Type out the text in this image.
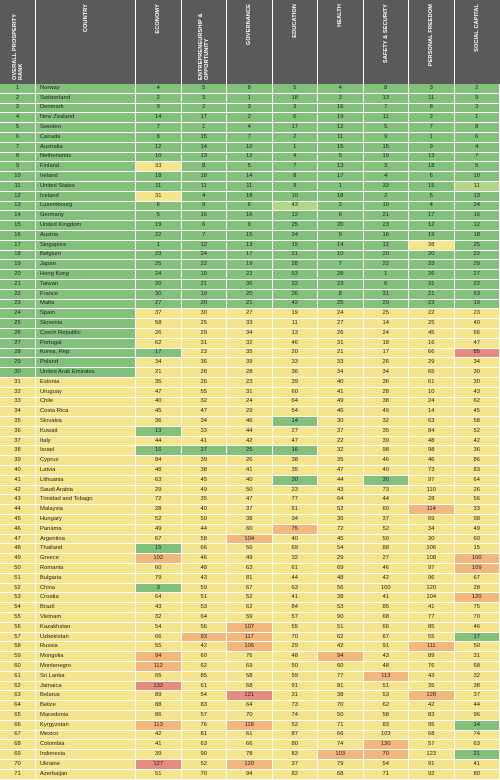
OVERALL PROSPERITY RANK	COUNTRY	ECONOMY	ENTREPRENEURSHIP & OPPORTUNITY	GOVERNANCE	EDUCATION	HEALTH	SAFETY & SECURITY	PERSONAL FREEDOM	SOCIAL CAPITAL

1	Norway	4	5	8	5	4	8	3	2
2	Switzerland	2	3	1	18	3	13	11	9
3	Denmark	9	2	3	3	16	7	8	3
4	New Zealand	14	17	2	6	19	11	2	1
5	Sweden	7	1	4	17	12	5	7	8
6	Canada	8	15	7	2	11	9	1	6
7	Australia	12	14	10	1	15	15	9	4
8	Netherlands	10	13	12	4	5	19	13	7
9	Finland	33	8	5	7	13	3	18	5
10	Ireland	18	18	14	8	17	4	6	10
11	United States	11	11	11	9	1	33	15	11
12	Iceland	31	4	18	10	18	2	5	13
13	Luxembourg	6	9	6	43	2	10	4	24
14	Germany	5	16	16	12	6	21	17	16
15	United Kingdom	19	6	9	25	20	23	12	12
16	Austria	22	7	15	24	9	16	19	18
17	Singapore	1	12	13	15	14	12	38	25
18	Belgium	23	24	17	21	10	20	20	22
19	Japan	25	22	19	28	7	22	33	29
20	Hong Kong	24	10	22	53	28	1	26	27
21	Taiwan	20	21	36	22	23	6	31	22
22	France	30	19	20	26	8	31	21	53
23	Malta	27	20	21	42	25	29	23	19
24	Spain	37	30	27	19	24	25	22	23
25	Slovenia	58	25	33	11	27	14	25	40
26	Czech Republic	26	29	34	13	26	24	45	66
27	Portugal	62	31	32	46	31	18	16	47
28	Korea, Rep.	17	23	35	20	21	17	66	85
29	Poland	34	36	39	33	33	26	29	34
30	United Arab Emirates	21	28	28	36	34	34	65	30
31	Estonia	35	26	23	39	40	36	61	30
32	Uruguay	47	55	31	60	41	28	10	43
33	Chile	40	32	24	64	49	38	24	62
34	Costa Rica	45	47	29	54	46	49	14	45
35	Slovakia	36	34	46	14	30	32	63	58
36	Kuwait	13	33	44	27	37	35	84	52
37	Italy	44	41	42	47	22	39	48	42
38	Israel	16	27	25	16	32	98	98	36
39	Cyprus	84	39	26	38	35	46	46	86
40	Latvia	48	38	41	35	47	40	73	83
41	Lithuania	63	45	40	30	44	30	97	64
42	Saudi Arabia	29	49	50	23	43	73	110	26
43	Trinidad and Tobago	72	35	47	77	64	44	28	56
44	Malaysia	28	40	37	51	52	60	114	33
45	Hungary	52	50	38	34	36	37	69	98
46	Panama	49	44	60	75	72	52	34	49
47	Argentina	67	58	104	40	45	50	30	60
48	Thailand	15	66	56	69	54	88	106	15
49	Greece	102	46	49	32	29	27	108	100
50	Romania	60	48	63	61	69	46	97	109
51	Bulgaria	79	43	81	44	48	42	96	67
52	China	3	59	67	63	56	100	120	28
53	Croatia	64	51	52	41	38	41	104	120
54	Brazil	43	53	62	84	53	85	41	75
55	Vietnam	32	64	59	57	90	68	77	70
56	Kazakhstan	54	56	107	55	51	66	85	46
57	Uzbekistan	66	93	117	70	62	67	55	17
58	Russia	55	42	106	29	42	91	111	50
59	Mongolia	94	60	76	48	94	43	89	31
60	Montenegro	112	62	69	50	60	48	76	68
61	Sri Lanka	65	85	58	59	77	113	43	32
62	Jamaica	132	61	68	91	81	51	35	38
63	Belarus	89	54	121	31	38	53	128	37
64	Belize	88	83	64	73	70	62	42	44
65	Macedonia	86	57	70	74	50	58	83	96
66	Kyrgyzstan	113	76	118	52	71	83	95	14
67	Mexico	42	81	61	87	66	103	68	74
68	Colombia	41	63	66	80	74	130	57	63
69	Indonesia	39	90	78	83	103	70	123	21
70	Ukraine	127	52	120	37	79	54	91	41
71	Azerbaijan	51	70	94	82	68	71	92	80
